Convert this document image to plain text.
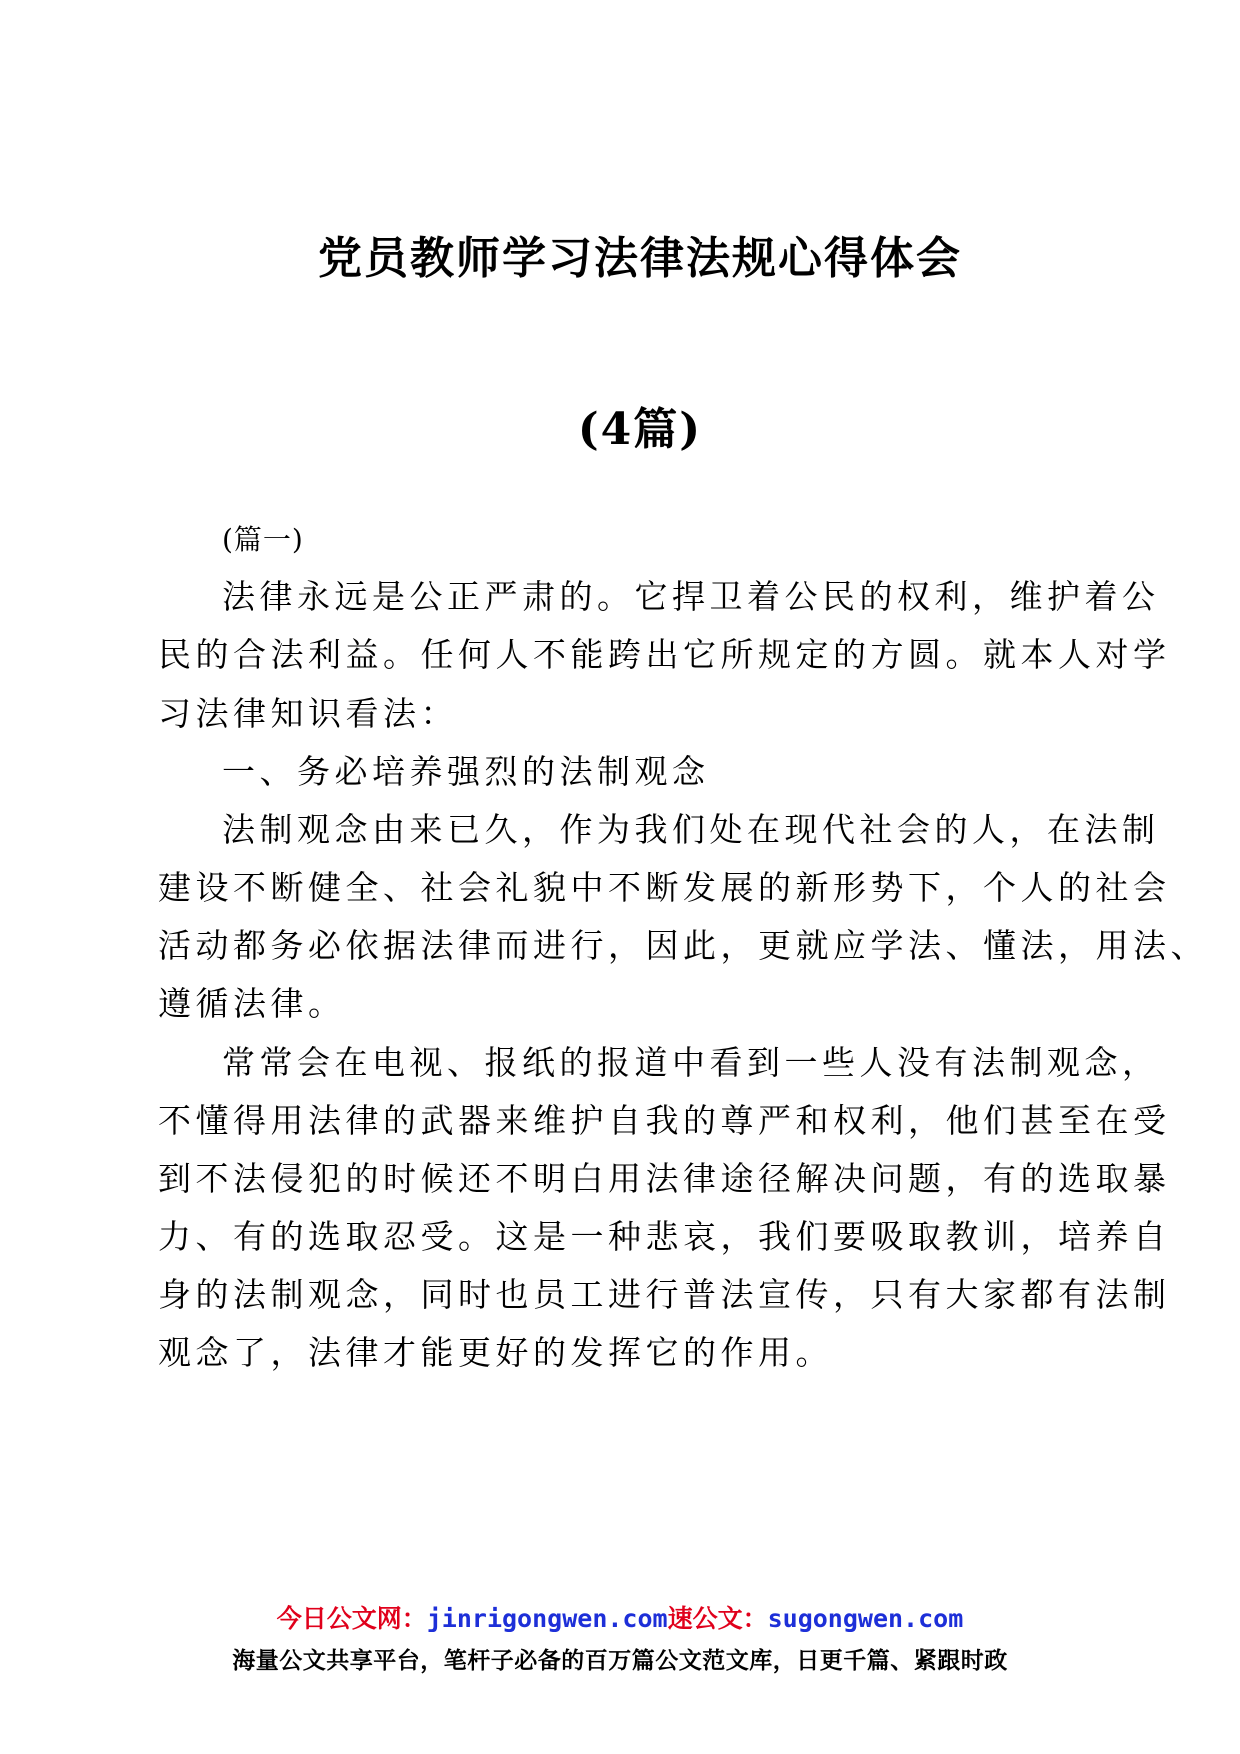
党员教师学习法律法规心得体会
(4篇)
(篇一)
法律永远是公正严肃的。它捍卫着公民的权利，维护着公
民的合法利益。任何人不能跨出它所规定的方圆。就本人对学
习法律知识看法：
一、务必培养强烈的法制观念
法制观念由来已久，作为我们处在现代社会的人，在法制
建设不断健全、社会礼貌中不断发展的新形势下，个人的社会
活动都务必依据法律而进行，因此，更就应学法、懂法，用法、
遵循法律。
常常会在电视、报纸的报道中看到一些人没有法制观念，
不懂得用法律的武器来维护自我的尊严和权利，他们甚至在受
到不法侵犯的时候还不明白用法律途径解决问题，有的选取暴
力、有的选取忍受。这是一种悲哀，我们要吸取教训，培养自
身的法制观念，同时也员工进行普法宣传，只有大家都有法制
观念了，法律才能更好的发挥它的作用。
今日公文网：jinrigongwen.com速公文：sugongwen.com
海量公文共享平台，笔杆子必备的百万篇公文范文库，日更千篇、紧跟时政
